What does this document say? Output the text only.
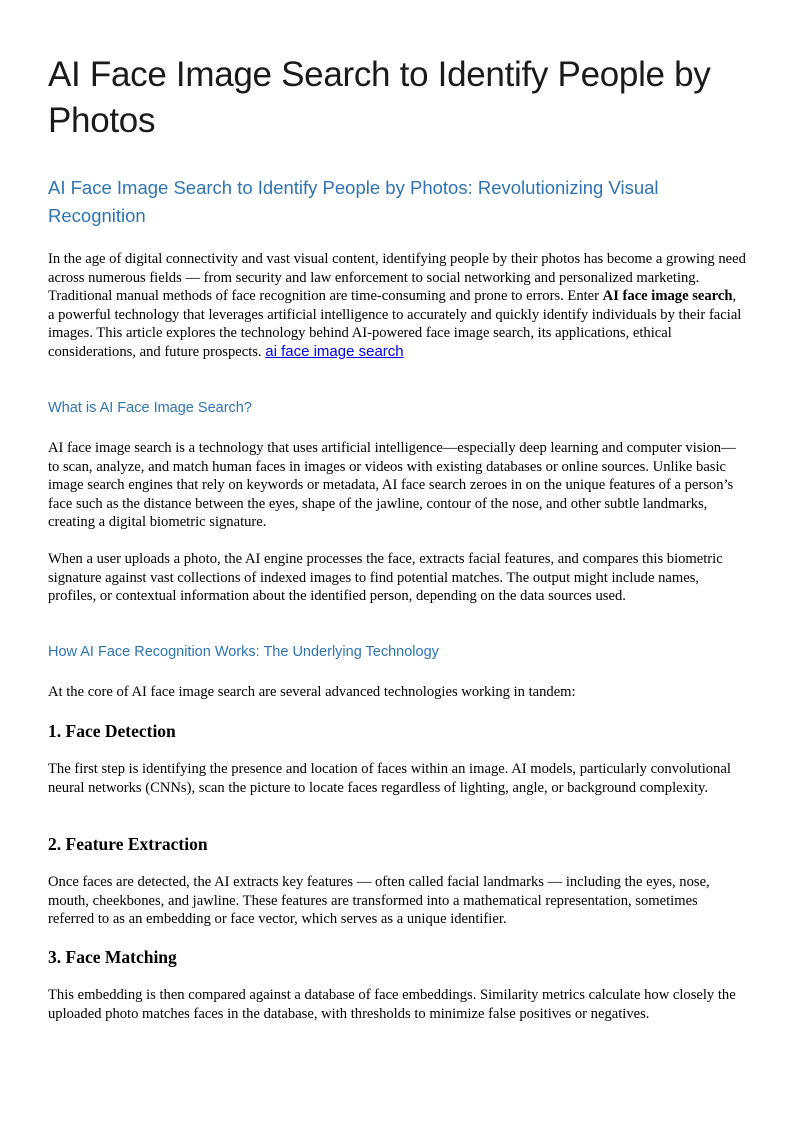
AI Face Image Search to Identify People by Photos
AI Face Image Search to Identify People by Photos: Revolutionizing Visual Recognition

In the age of digital connectivity and vast visual content, identifying people by their photos has become a growing need across numerous fields — from security and law enforcement to social networking and personalized marketing. Traditional manual methods of face recognition are time-consuming and prone to errors. Enter AI face image search, a powerful technology that leverages artificial intelligence to accurately and quickly identify individuals by their facial images. This article explores the technology behind AI-powered face image search, its applications, ethical considerations, and future prospects. ai face image search

What is AI Face Image Search?

AI face image search is a technology that uses artificial intelligence—especially deep learning and computer vision—to scan, analyze, and match human faces in images or videos with existing databases or online sources. Unlike basic image search engines that rely on keywords or metadata, AI face search zeroes in on the unique features of a person’s face such as the distance between the eyes, shape of the jawline, contour of the nose, and other subtle landmarks, creating a digital biometric signature.

When a user uploads a photo, the AI engine processes the face, extracts facial features, and compares this biometric signature against vast collections of indexed images to find potential matches. The output might include names, profiles, or contextual information about the identified person, depending on the data sources used.

How AI Face Recognition Works: The Underlying Technology

At the core of AI face image search are several advanced technologies working in tandem:

1. Face Detection

The first step is identifying the presence and location of faces within an image. AI models, particularly convolutional neural networks (CNNs), scan the picture to locate faces regardless of lighting, angle, or background complexity.

2. Feature Extraction

Once faces are detected, the AI extracts key features — often called facial landmarks — including the eyes, nose, mouth, cheekbones, and jawline. These features are transformed into a mathematical representation, sometimes referred to as an embedding or face vector, which serves as a unique identifier.

3. Face Matching

This embedding is then compared against a database of face embeddings. Similarity metrics calculate how closely the uploaded photo matches faces in the database, with thresholds to minimize false positives or negatives.
